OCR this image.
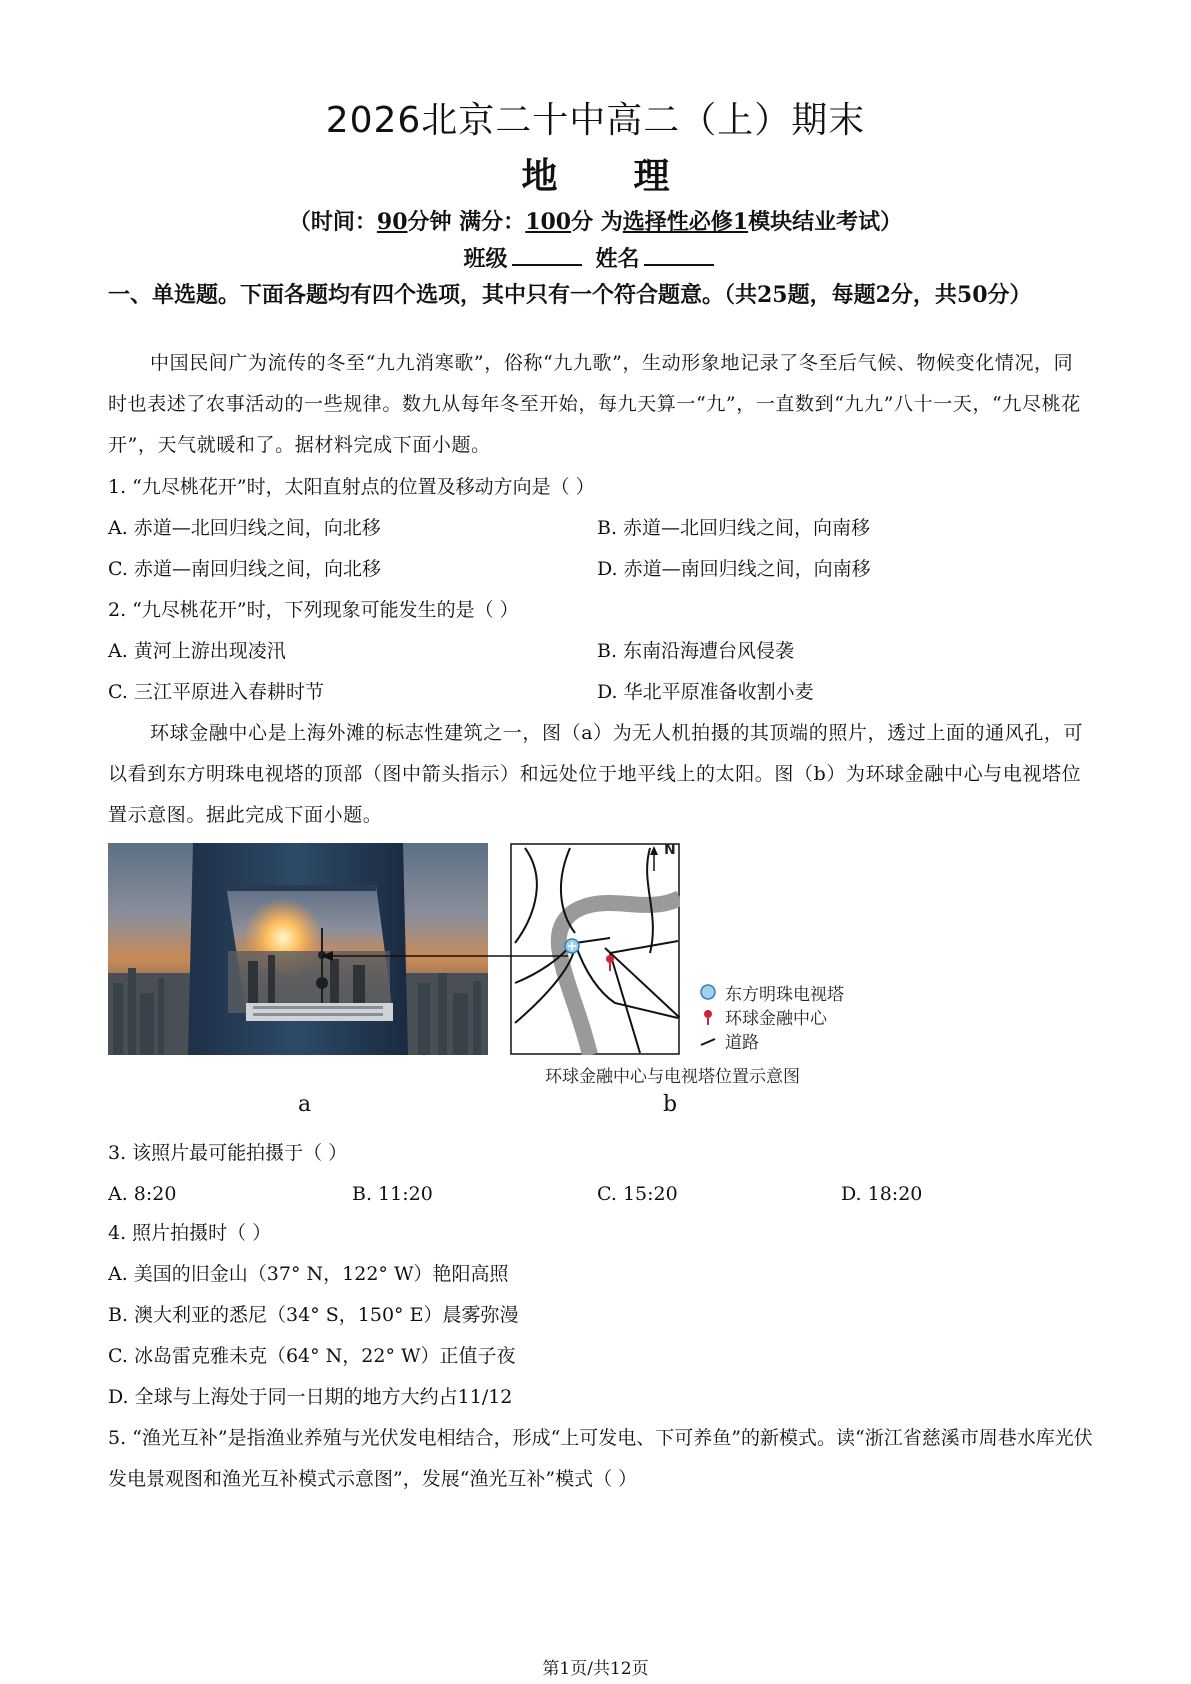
2026北京二十中高二（上）期末
地 理
（时间：90分钟 满分：100分 为选择性必修1模块结业考试）
班级	姓名
一、单选题。下面各题均有四个选项，其中只有一个符合题意。（共25题，每题2分，共50分）
中国民间广为流传的冬至“九九消寒歌”，俗称“九九歌”，生动形象地记录了冬至后气候、物候变化情况，同时也表述了农事活动的一些规律。数九从每年冬至开始，每九天算一“九”，一直数到“九九”八十一天，“九尽桃花开”，天气就暖和了。据材料完成下面小题。
1. “九尽桃花开”时，太阳直射点的位置及移动方向是（ ）
A. 赤道—北回归线之间，向北移	B. 赤道—北回归线之间，向南移
C. 赤道—南回归线之间，向北移	D. 赤道—南回归线之间，向南移
2. “九尽桃花开”时，下列现象可能发生的是（ ）
A. 黄河上游出现凌汛	B. 东南沿海遭台风侵袭
C. 三江平原进入春耕时节	D. 华北平原准备收割小麦
环球金融中心是上海外滩的标志性建筑之一，图（a）为无人机拍摄的其顶端的照片，透过上面的通风孔，可以看到东方明珠电视塔的顶部（图中箭头指示）和远处位于地平线上的太阳。图（b）为环球金融中心与电视塔位置示意图。据此完成下面小题。
N
东方明珠电视塔
环球金融中心
道路
环球金融中心与电视塔位置示意图
a	b
3. 该照片最可能拍摄于（ ）
A. 8:20	B. 11:20	C. 15:20	D. 18:20
4. 照片拍摄时（ ）
A. 美国的旧金山（37° N，122° W）艳阳高照
B. 澳大利亚的悉尼（34° S，150° E）晨雾弥漫
C. 冰岛雷克雅未克（64° N，22° W）正值子夜
D. 全球与上海处于同一日期的地方大约占11/12
5. “渔光互补”是指渔业养殖与光伏发电相结合，形成“上可发电、下可养鱼”的新模式。读“浙江省慈溪市周巷水库光伏发电景观图和渔光互补模式示意图”，发展“渔光互补”模式（ ）
第1页/共12页
